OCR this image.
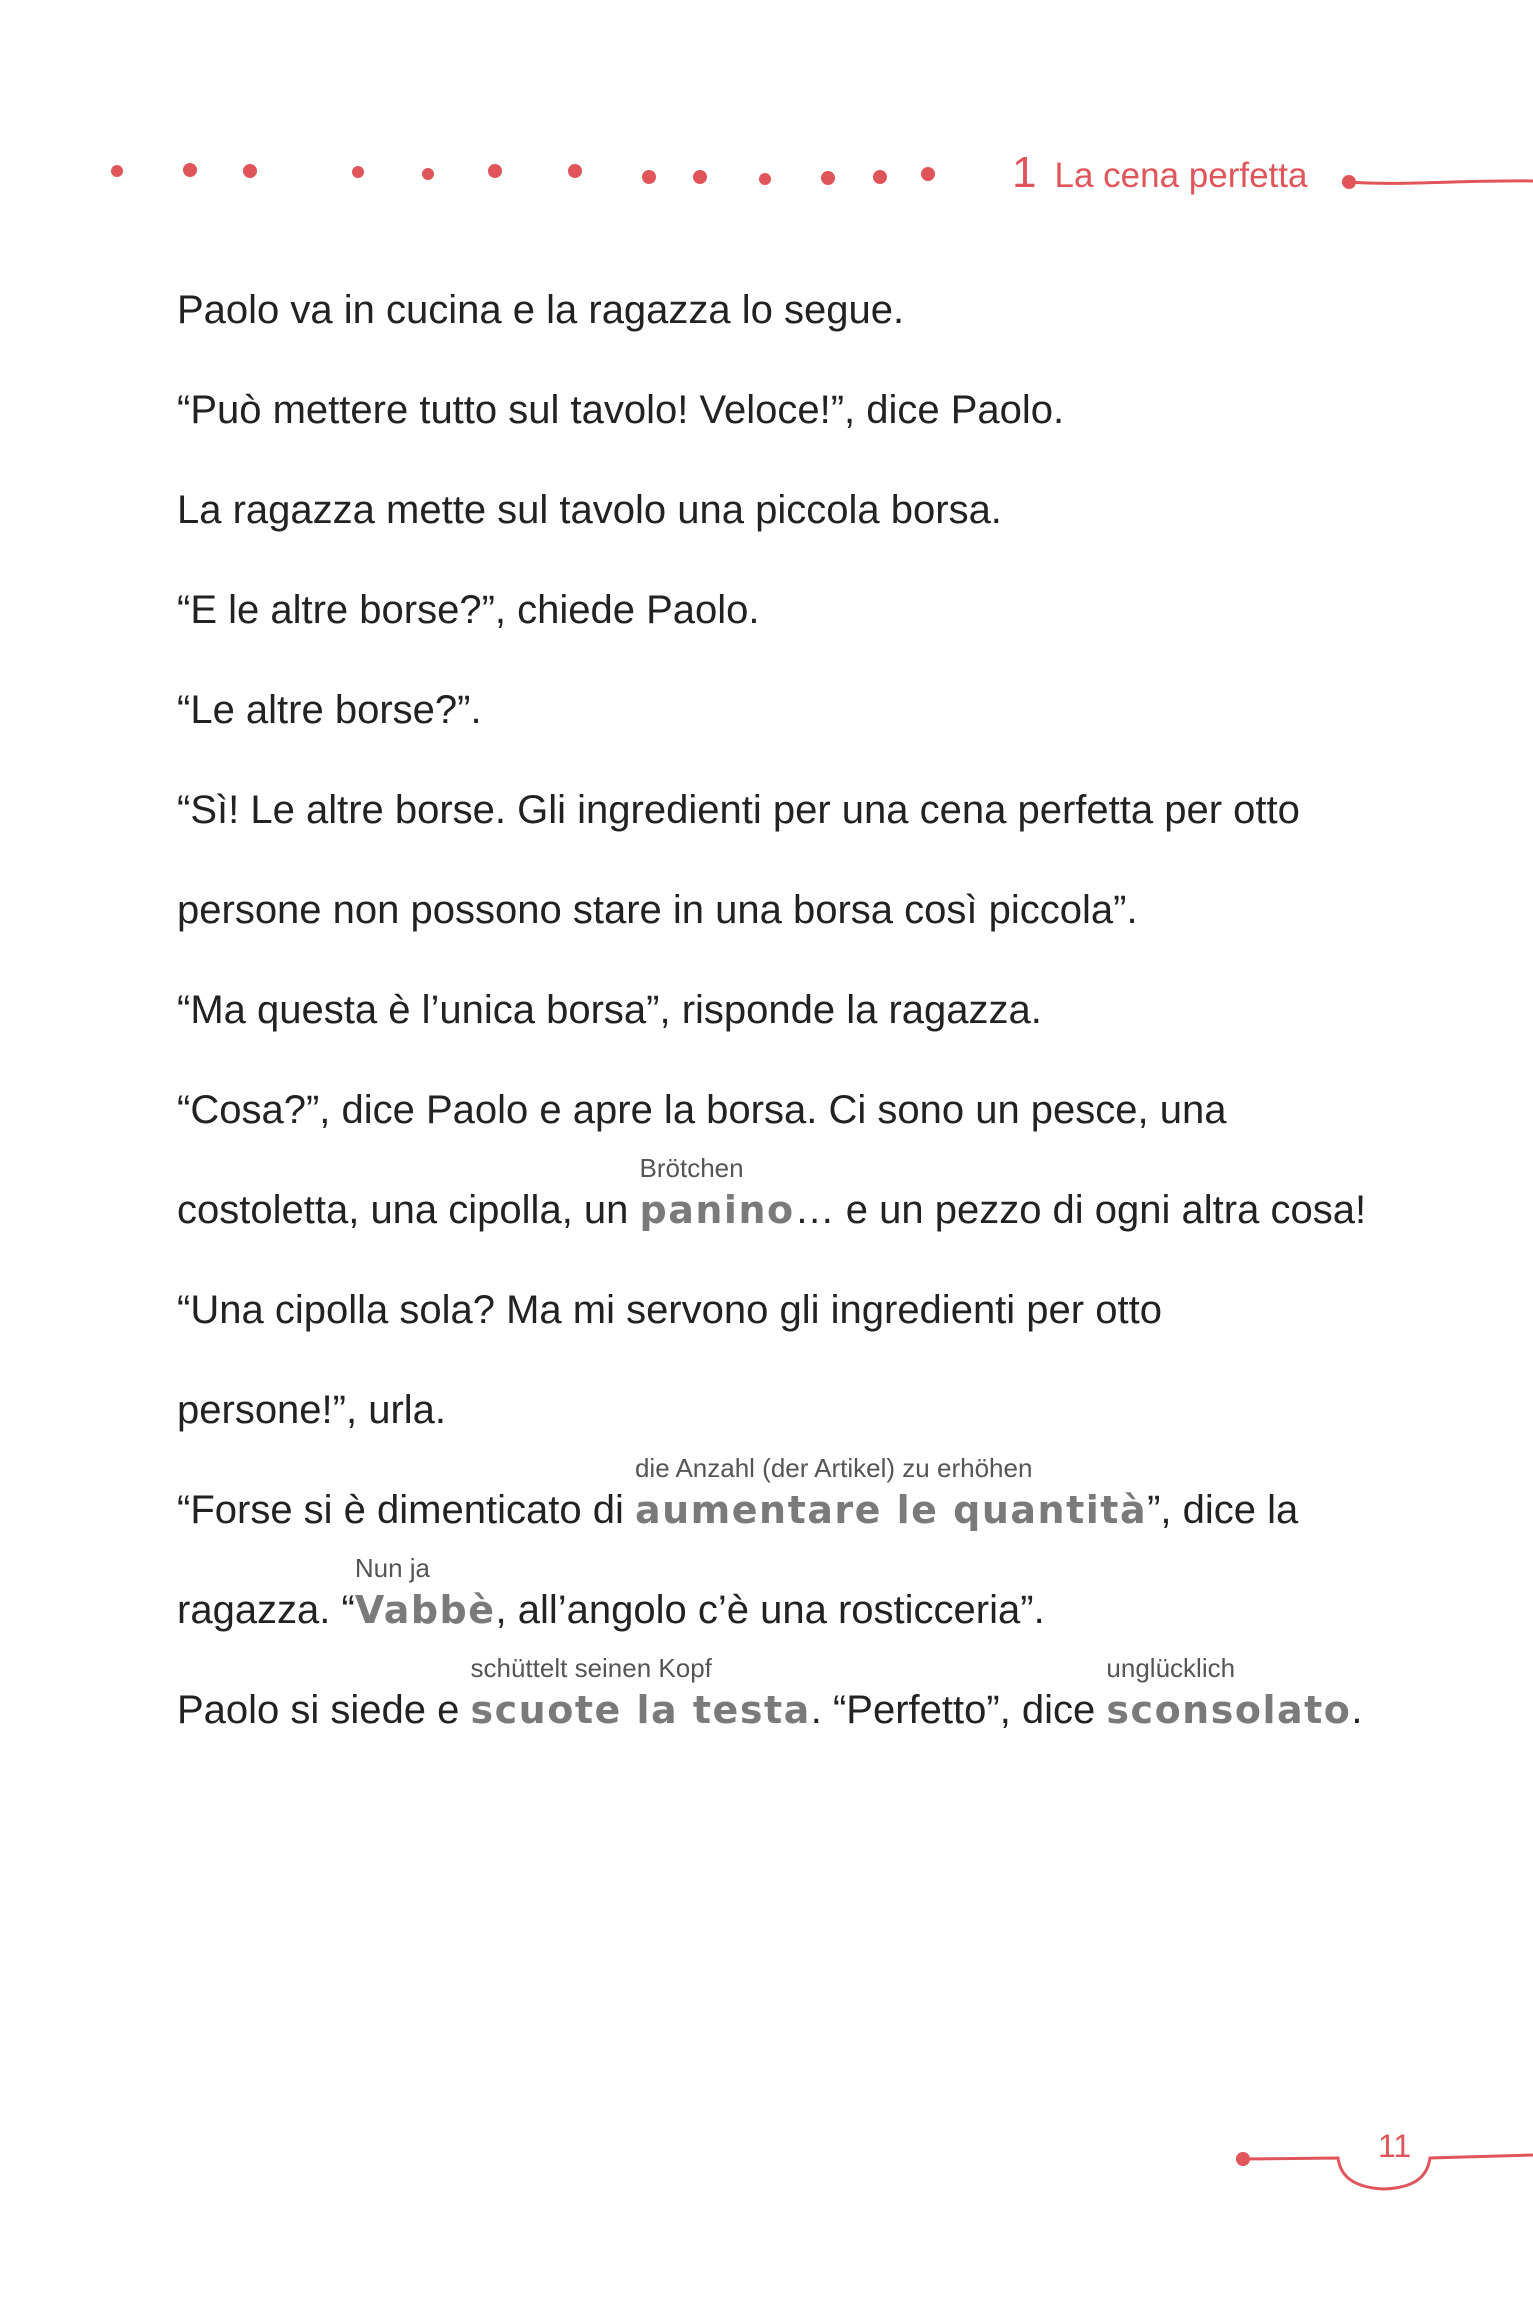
1 La cena perfetta
Paolo va in cucina e la ragazza lo segue.
“Può mettere tutto sul tavolo! Veloce!”, dice Paolo.
La ragazza mette sul tavolo una piccola borsa.
“E le altre borse?”, chiede Paolo.
“Le altre borse?”.
“Sì! Le altre borse. Gli ingredienti per una cena perfetta per otto
persone non possono stare in una borsa così piccola”.
“Ma questa è l’unica borsa”, risponde la ragazza.
“Cosa?”, dice Paolo e apre la borsa. Ci sono un pesce, una
costoletta, una cipolla, un
Brötchen
panino… e un pezzo di ogni altra cosa!
“Una cipolla sola? Ma mi servono gli ingredienti per otto
persone!”, urla.
“Forse si è dimenticato di
die Anzahl (der Artikel) zu erhöhen
aumentare le quantità”, dice la
ragazza. “
Nun ja
Vabbè, all’angolo c’è una rosticceria”.
Paolo si siede e
schüttelt seinen Kopf
scuote la testa. “Perfetto”, dice
unglücklich
sconsolato.
11
